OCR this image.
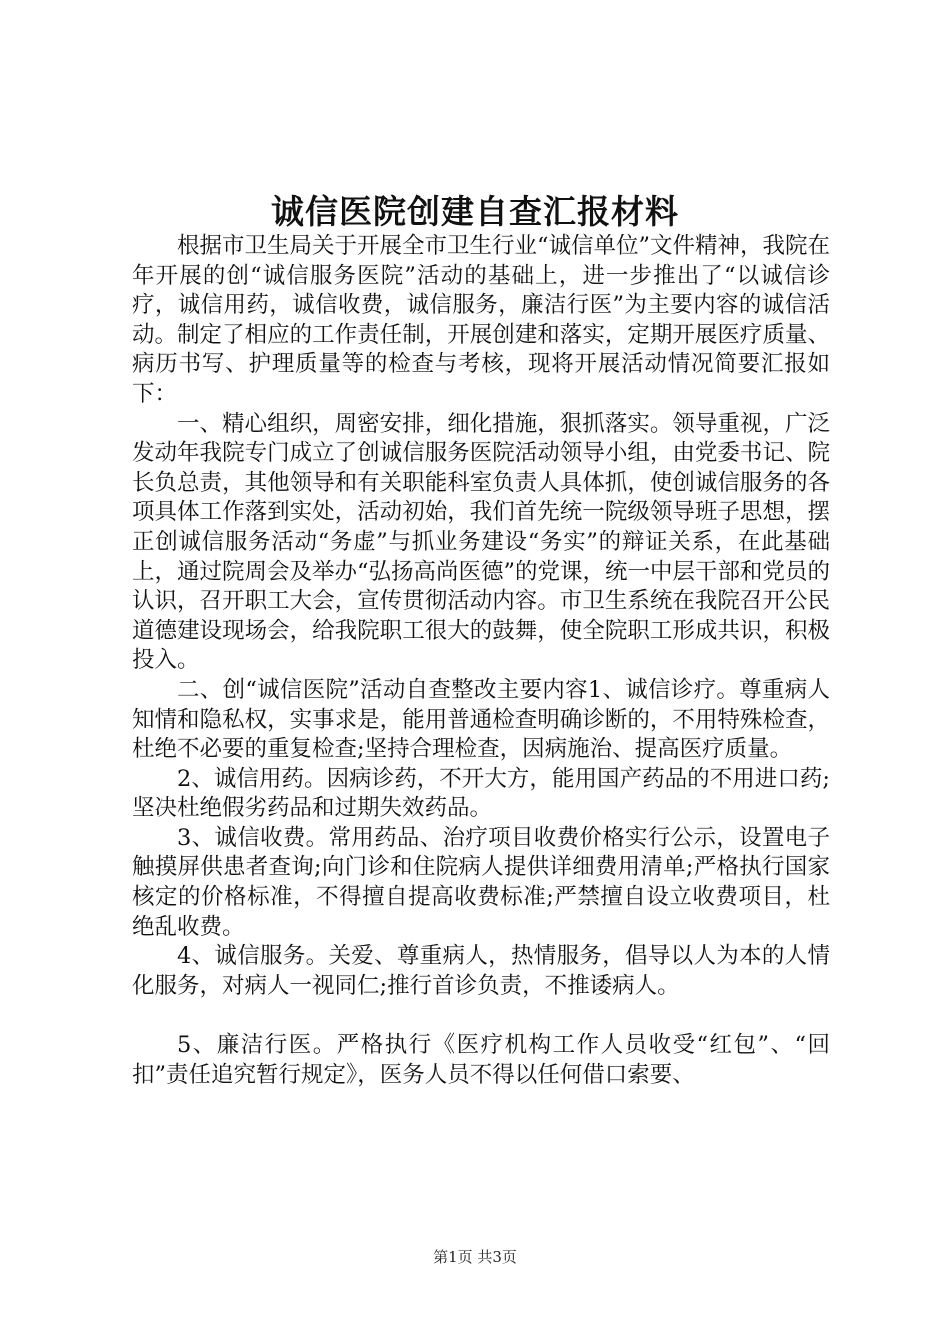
诚信医院创建自查汇报材料

根据市卫生局关于开展全市卫生行业“诚信单位”文件精神，我院在年开展的创“诚信服务医院”活动的基础上，进一步推出了“以诚信诊疗，诚信用药，诚信收费，诚信服务，廉洁行医”为主要内容的诚信活动。制定了相应的工作责任制，开展创建和落实，定期开展医疗质量、病历书写、护理质量等的检查与考核，现将开展活动情况简要汇报如下：

一、精心组织，周密安排，细化措施，狠抓落实。领导重视，广泛发动年我院专门成立了创诚信服务医院活动领导小组，由党委书记、院长负总责，其他领导和有关职能科室负责人具体抓，使创诚信服务的各项具体工作落到实处，活动初始，我们首先统一院级领导班子思想，摆正创诚信服务活动“务虚”与抓业务建设“务实”的辩证关系，在此基础上，通过院周会及举办“弘扬高尚医德”的党课，统一中层干部和党员的认识，召开职工大会，宣传贯彻活动内容。市卫生系统在我院召开公民道德建设现场会，给我院职工很大的鼓舞，使全院职工形成共识，积极投入。

二、创“诚信医院”活动自查整改主要内容1、诚信诊疗。尊重病人知情和隐私权，实事求是，能用普通检查明确诊断的，不用特殊检查，杜绝不必要的重复检查;坚持合理检查，因病施治、提高医疗质量。

2、诚信用药。因病诊药，不开大方，能用国产药品的不用进口药;坚决杜绝假劣药品和过期失效药品。

3、诚信收费。常用药品、治疗项目收费价格实行公示，设置电子触摸屏供患者查询;向门诊和住院病人提供详细费用清单;严格执行国家核定的价格标准，不得擅自提高收费标准;严禁擅自设立收费项目，杜绝乱收费。

4、诚信服务。关爱、尊重病人，热情服务，倡导以人为本的人情化服务，对病人一视同仁;推行首诊负责，不推诿病人。

5、廉洁行医。严格执行《医疗机构工作人员收受“红包”、“回扣”责任追究暂行规定》，医务人员不得以任何借口索要、

第1页 共3页
